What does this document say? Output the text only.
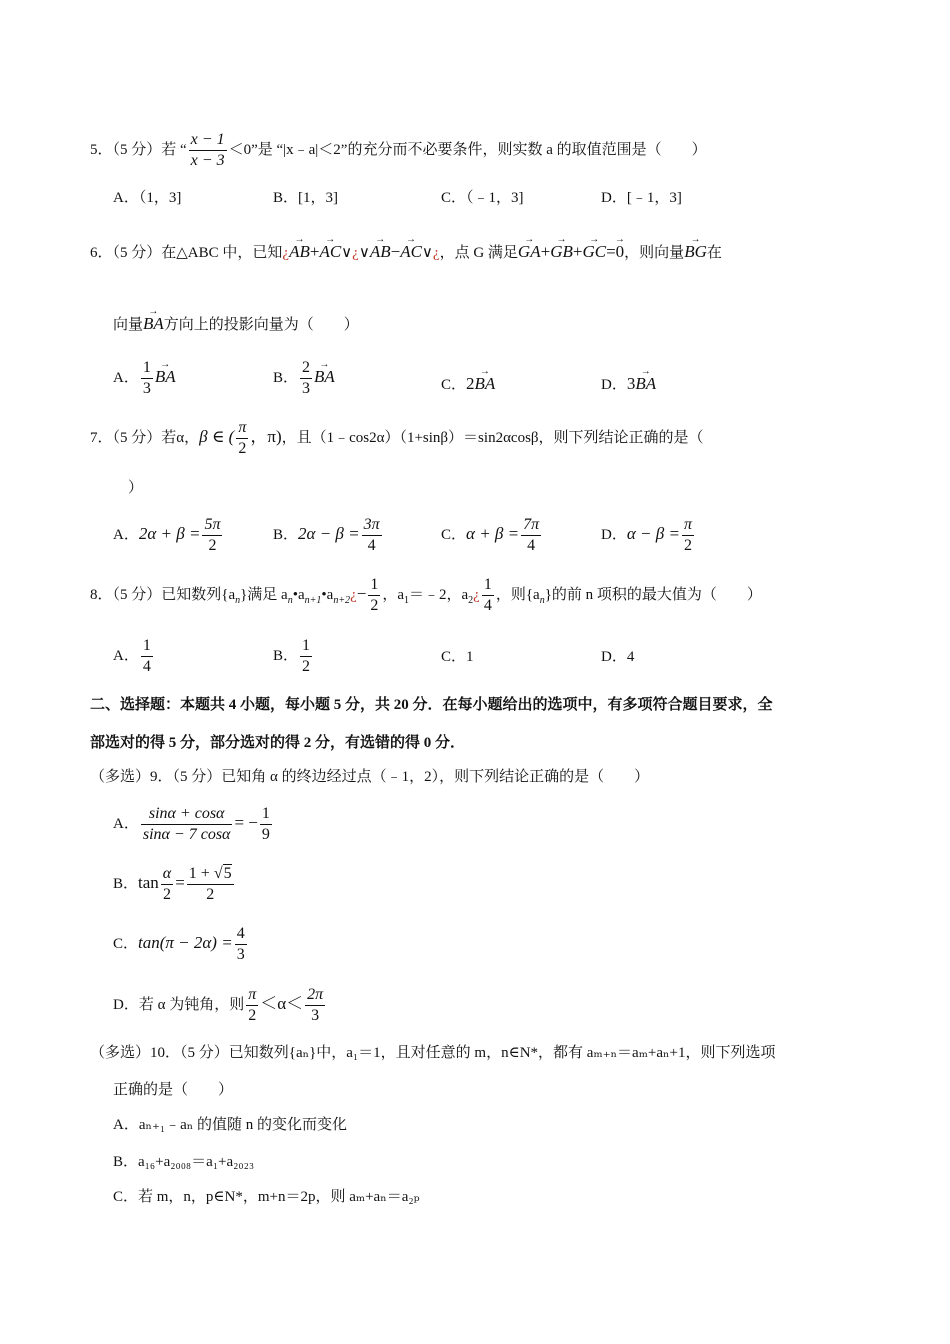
5．（5 分）若 “ $\frac{x - 1}{x - 3} <0$”是 “|x﹣a|＜2”的充分而不必要条件，则实数 a 的取值范围是（　　）
A．（1，3]	B．[1，3]	C．（﹣1，3]	D．[﹣1，3]
6．（5 分）在△ABC 中，已知¿→ AB+→ AC∨¿∨→ AB−→ AC∨¿，点 G 满足→ GA+→ GB+→ GC=→ 0，则向量→ BG在
向量→ BA方向上的投影向量为（　　）
A． $\frac{1}{3}$ → BA	B． $\frac{2}{3}$ → BA	C．2→ BA	D．3→ BA
7．（5 分）若α，β ∈ ( $\frac{\pi}{2}$ ，π)，且（1﹣cos2α）（1+sinβ）＝sin2αcosβ，则下列结论正确的是（
）
A．$2\alpha + \beta = \frac{5\pi}{2}$	B．$2\alpha - \beta = \frac{3\pi}{4}$	C．$\alpha + \beta = \frac{7\pi}{4}$	D．$\alpha - \beta = \frac{\pi}{2}$
8．（5 分）已知数列$\{a_n\}$满足 $a_n•a_{n+1}•a_{n+2}¿- \frac{1}{2}$ ，$a_1=﹣2$，$a_2¿ \frac{1}{4}$ ，则$\{a_n\}$的前 n 项积的最大值为（　　）
A． $\frac{1}{4}$	B． $\frac{1}{2}$	C．1	D．4
二、选择题：本题共 4 小题，每小题 5 分，共 20 分．在每小题给出的选项中，有多项符合题目要求，全
部选对的得 5 分，部分选对的得 2 分，有选错的得 0 分．
（多选）9．（5 分）已知角 α 的终边经过点（﹣1，2），则下列结论正确的是（　　）
A． $\frac{\sin\alpha + \cos\alpha}{\sin\alpha - 7 \cos\alpha}$ = − $\frac{1}{9}$
B．$\tan \frac{\alpha}{2} = \frac{1 + √5}{2}$
C．$\tan(\pi - 2\alpha) = \frac{4}{3}$
D．若 α 为钝角，则 $\frac{\pi}{2} <\alpha< \frac{2\pi}{3}$
（多选）10．（5 分）已知数列{aₙ}中，a₁＝1，且对任意的 m，n∈N*，都有 aₘ₊ₙ＝aₘ+aₙ+1，则下列选项
正确的是（　　）
A．aₙ₊₁﹣aₙ 的值随 n 的变化而变化
B．a₁₆+a₂₀₀₈＝a₁+a₂₀₂₃
C．若 m，n，p∈N*，m+n＝2p，则 aₘ+aₙ＝a₂ₚ
